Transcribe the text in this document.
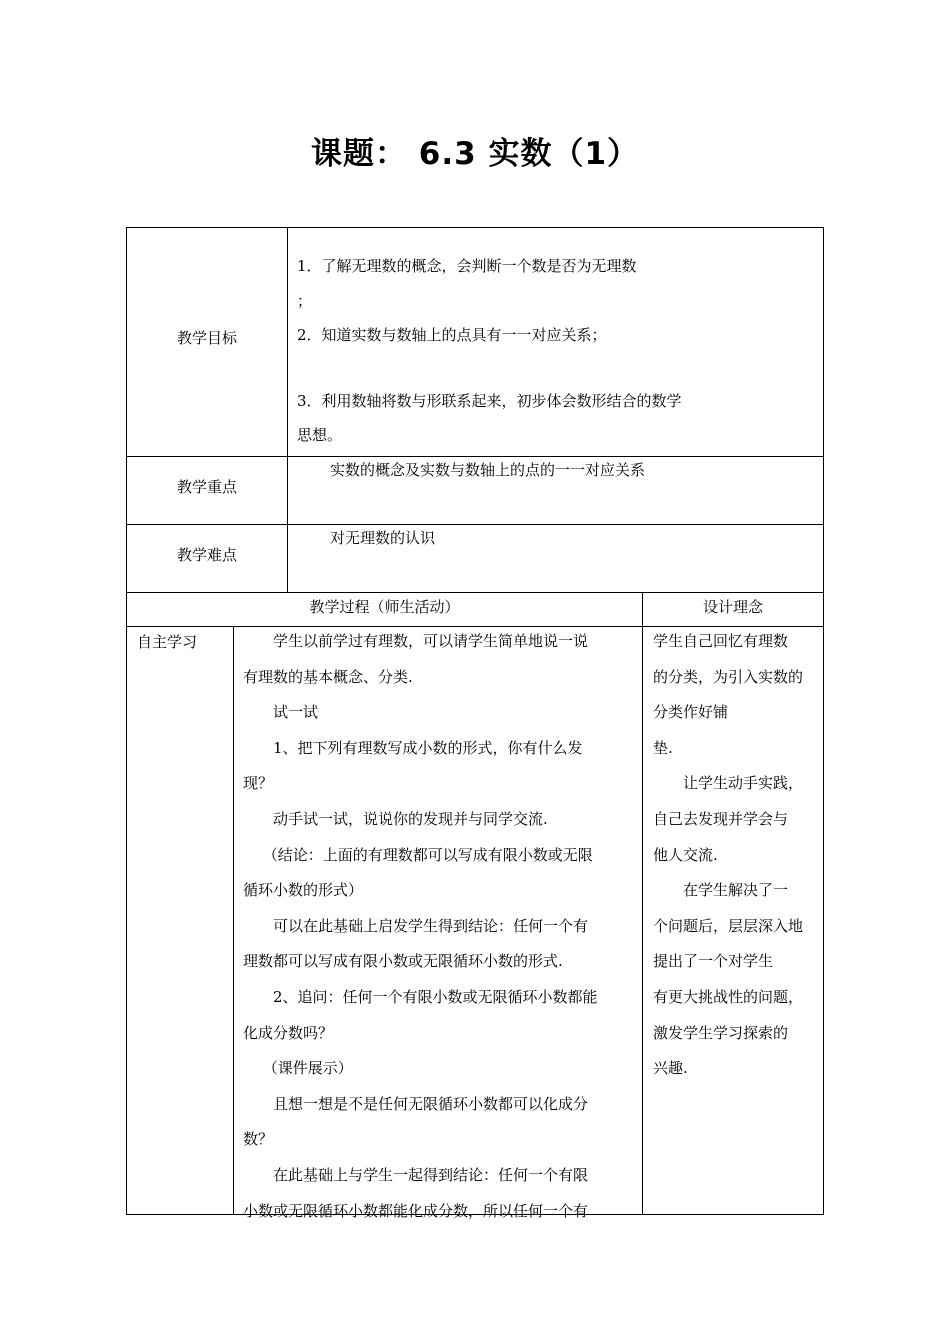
课题： 6.3 实数（1）
教学目标
1．了解无理数的概念，会判断一个数是否为无理数
；
2．知道实数与数轴上的点具有一一对应关系；
3．利用数轴将数与形联系起来，初步体会数形结合的数学
思想。
教学重点
实数的概念及实数与数轴上的点的一一对应关系
教学难点
对无理数的认识
教学过程（师生活动）	设计理念
自主学习	　　学生以前学过有理数，可以请学生简单地说一说
有理数的基本概念、分类.
　　试一试
　　1、把下列有理数写成小数的形式，你有什么发
现？
　　动手试一试，说说你的发现并与同学交流.
　 （结论：上面的有理数都可以写成有限小数或无限
循环小数的形式）
　　可以在此基础上启发学生得到结论：任何一个有
理数都可以写成有限小数或无限循环小数的形式.
　　2、追问：任何一个有限小数或无限循环小数都能
化成分数吗？
　 （课件展示）
　　且想一想是不是任何无限循环小数都可以化成分
数？
　　在此基础上与学生一起得到结论：任何一个有限
小数或无限循环小数都能化成分数，所以任何一个有
学生自己回忆有理数
的分类，为引入实数的
分类作好铺
垫.
　　让学生动手实践，
自己去发现并学会与
他人交流.
　　在学生解决了一
个问题后，层层深入地
提出了一个对学生
有更大挑战性的问题，
激发学生学习探索的
兴趣.
